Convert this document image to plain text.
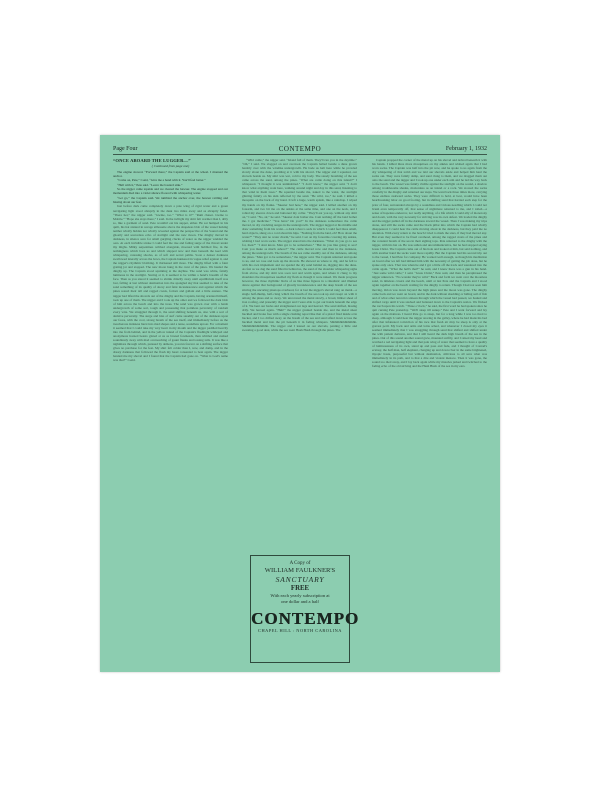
Page Four	CONTEMPO	February 1, 1932
“ONCE ABOARD THE LUGGER—”
( Continued from page one)

The engine slowed. “Forward there,” the Captain said at the wheel. I manned the anchor.

“Come on, Pete,” I said, “Give me a hand with it. You'll feel better.”

“Hell with it,” Pete said. “Leave the bastard sink.”

So the nigger came topside and we cleared the hawser. The engine stopped and our momentum died into a violet silence floored with whispering water.

“Let go,” the Captain said. We tumbled the anchor over, the hawser rattling and hissing about our feet.

Just before dark came completely down a pale wing of rigid water and a green navigating light stood abruptly in the dusk two miles away and as abruptly faded. “There her,” the nigger said. “Gwine, too.” “What is it?” “Rum chaser. Gwine to Mobile.” “Hope she stays there,” I said. In the twilight my shirt felt warmer than I, drily so, like a garment of sand. Pete wouldn't eat his supper, either. He sat humped in his quilt, his hat slanted in savage silhouette above the shapeless blob of the vessel lurking neither wholly hidden nor wholly revealed against the perspective of the Sound and the ghostly and sourceless echo of starlight and the new moon. The dinghy moved in darkness, in silence save for small gurgling clucks of water as the nigger wielded the oars. At each invisible stroke I could feel the rise and fading surge of the thwart under my thighs. Milky serpentines writhed alongside, mooned with bubbled fire, in the nothingness which bore us and which slapped now and then beneath the keel with whispering, caressing shocks, as of soft and secret palms. Soon a denser darkness swallowed laterally across the bows, the Captain hunkered in vague relief against it, and the nigger's rhythmic blobbing. It thickened still more. The dinghy lifted with a faint grating jar and stopped. The new moon hung in the crest of the pines. We hauled the dinghy up. The Captain stood squinting at the skyline. The sand was white, faintly luminous in the starlight. Staring at it, it seemed to be within a hand's breadth of the face. Then as you stared it seemed to shrink drizzily away until equilibrium itself was lost, falling at last without destination into the spangled sky that seemed to take of the sand something of its quality of decay and faint incandescence and against which the pines reared their tall and ragged crests, forlorn and gallant and a little austere. The nigger had lifted the shovels out of the dinghy and the Captain, having oriented himself, took up one of them. The nigger and I took up the other and we followed the dark blob of him across the beach and into the trees. The sand was grown over with a harsh undergrowth of some sort, tough and possessing that pointless perversity of random every wire. We struggled through it, the sand shifting beneath us, also with a sort of derisive perversity. The surge and hiss of surf came steadily out of the darkness upon our faces, with the cool, strong breath of the sea itself, and immediately before us the treacherous darkness burst into mad shapes and a tense, soundless uproar. For a moment it seemed that I could take my very heart in my mouth and the nigger paddled heavily into me from behind, and in the yellow tunnel of the Captain's flashlight wildeyed and anonymous horned beasts glared at us as brazed foreheads, then whirled and rushed soundlessly away with mad overreaching of gaunt flanks and tossing tails. It was like a nightmare through which, pursued by demons, you run forever on a shifting surface that gives no purchase for the feet. My shirt felt colder than I, now, and damp, and in the dreary darkness that followed the flash my heart consented to beat again. The nigger handed me my shovel and I found that the Captain had gone on. “What is God's name was that?” I said.

“Wild cattle,” the nigger said. “Island full of them. They'll run you in the daytime.” “Oh,” I said. We slogged on and overtook the Captain halted beside a dune grown harshly over with the wirelike undergrowth. He bade us halt here while he prowled slowly about the dune, prodding at it with his shovel. The nigger and I squatted, our shovels beside us. My shirt was wet, cold to my body. The steady breathing of the sea came across the sand, among the pines. “What are cattle doing on this island?” I whispered. “I thought it was uninhabited.” “I don't know,” the nigger said. “I don't know what anything want here, walking around night and day in this sand, listening to that wind in them trees.” He squatted beside me, naked to the waist, the starlight glinting faintly on his skin reflected by the sand. “Be wild, too,” he said. I killed a mosquito on the back of my hand. It left a huge, warm splash, like a raindrop. I wiped my hands on my flanks. “Skeeter bad here,” the nigger said. I killed another on my forearm, and two bit me on the ankles at the same time, and one on the neck, and I rolled my sleeves down and buttoned my collar. “They'll eat you up, without any shirt on,” I said. “No, sir,” he said. “Skeeter dont bother me. Cant nothing off the land bother me. I got medicine.” “You have? On you?” In the darkness somewhere the cattle moved, in dry crackling surges in the undergrowth. The nigger tugged at his middle and drew something from his waist—a dark tobacco sack in which I could feel three small, hard objects, slung on a cord about his hips. “Nothing from the land, eh? How about the water?” “They aint no water charm,” he said. I sat on my forearms covering my ankles, wishing I had worn socks. The nigger stared into the darkness. “What do you go to sea for, then?” “I dont know. Man got to be somewhere.” “But do you like going to sea? Cant you make as much ashore?” The cattle moved now and then in the darkness, among the undergrowth. The breath of the sea came steadily out of the darkness, among the pines. “Man got to be somewhere,” the nigger said. The Captain returned and spoke to us, and we rose and took up the shovels. He showed us where to dig, and he fell to with his own implement and we spaded the dry sand behind us, digging into the dune. As fast as we dug the sand filled in behind us, the sand of the shoulder whispering sighs from above, and my shirt was soon wet and warm again, and where it clung to my shoulders the mosquitoes needled my flesh as though it were naked. We made progress however, the three rhythmic blobs of us like three figures in a ritualistic and illumed dance against that background of ghostly incandescence and the deep breath of the sea stirring the uncaring pinetops overhead, for at last the nigger's shovel rang on metal—a single half-thump, half-clang which the breath of the sea took up and swept on with it among the pines and so away. We uncovered the metal slowly, a broad, limber sheet of iron roofing, and presently the nigger and I were able to get our hands beneath the edge of it. We bent our backs and straightened our legs and heaved. The sand shifted, hissing drily. We heaved again. “Huh!” the nigger grunted beside me, and the metal sheet buckled and broke free with a single clashing report like that of a pistol fired inside a tin bucket, and I too drifted away on the breath of the sea and sand sifted down across the buckled metal and into the pit beneath it in fading whispers. Shhhhhhhhhhhhhhh. Shhhhhhhhhhhhhhh. The nigger and I leaned on our shovels, panting a little and sweating a good deal, while the sea went Hush Hush through the pines. The

Captain propped the corner of the metal up on his shovel and delved beneath it with his hands. I killed three more mosquitoes on my ankles and wished again that I had worn socks. The Captain was half into the pit now, and he spoke to us again from the dry whispering of that tomb and we laid our shovels aside and helped him haul the sacks out. They were faintly damp, and sand clung to them, and we dragged them out onto the sand and the nigger and I took up one under each arm and he led the way back to the beach. The vessel was faintly visible against the starlight on the sound, a shadow among troublesome shades, motionless as an island or a rock. We stowed the sacks carefully in the dinghy and returned our steps. We went back three times more, carrying those endless awkward sacks. They were difficult to hold, at best, would have been heartbreaking labor on good footing, but in shifting sand that harried each step for the prior of four, surrounded always by a soundless and vicious needling which I could not brush even temporarily off, that sense of nightmare returned to me, and I toiled—a sense of hopeless endeavor, not really anything, of a life which I could ally of monotony and doom, with the very necessity for striving was its own defeat. We loaded the dinghy and the nigger pulled off in the darkness toward the vessel. Then I was making my trips alone, and still the sacks came and the black pillar into which the Captain had wholly disappeared. I could hear the cattle moving about in the darkness, but they paid me no attention. With every return to the beach I tried to mark the stars, if they had moved any. But even they seemed to be fixed overhead, among the ragged crests of the pines and the constant breath of the sea in their sighing tops. Pete returned to the dinghy with the nigger, with his hat on. He was sullen and uncommunicative, but he had stopped saying Jesus Christ. The Captain came out of his hole and looked at him, but said nothing, and with another hand the sacks went more rapidly. But the Captain had his second trip out to the vessel, I had Pete for company. He worked well enough, as though his meditation on board after we left had imbued him with the necessity of getting the job done, but he spoke only once. That was when he and I got a little off the track and wandered into the cattle again. “What the hell's that?” he said, and I knew there was a gun in his hand. “Just some wild cattle,” I said. “Jesus Christ,” Pete said, and then he paraphrased the nigger unknown. “No wonder they're wild.” Back and forth we went over the moonless sand, in timeless cavern and the beach, until at last Pete and the Captain and I stood again together on the beach waiting for the dinghy to return. Though I had not seen him moving, Orion was down beyond the high pines and the moon was gone. The dinghy came back and we went on board, and in the dark without shedding or hiding sail of fish and of what other narcotics sixteen through which the vessel had passed, we hauled and shifted cargo until it was stacked and battened down to the Captain's notice. We flicked the torch upon his watch. “Three o'clock,” he said, the first word he had spoken since he quit cursing Pete yesterday. “We'll sleep till sunup.” Pete and I went forward and lay again on the mattress. I heard Pete go to sleep, but for a long while I was too tired to sleep, although I could hear the nigger snoring in the galley, where he had made his bed after that infatuated conviction of his race that fresh air may be sleep is only at the gravest peril. My back and arms and loins ached, and whenever I closed my eyes it seemed immediately that I was struggling through sand that shifted and shifted under me with patient derision, and that I still heard the dark high breath of the sea in the pines. Out of this sound another sound grew, mounted swiftly, and I raised my head and watched a red navigating light and that pale wing of water that seemed to have a quality of luminousness of its own, stand up and pass and fade, and I thought of Conrad's ecstasy, the half man, half elephant, charging up and down river in the same brightened, myopic haste, purposeful but without destination, oblivious to all save what was immediately in its path, and to that a dire and violent menace. Then it was gone, the sound too died away, and I lay back again while my muscles jerked and twitched to the fading echo of the old striving and the Hush Hush of the sea in my ears.

A Copy of
WILLIAM FAULKNER'S
SANCTUARY
FREE
With each yearly subscription at
one dollar and a half
CONTEMPO
CHAPEL HILL : NORTH CAROLINA
